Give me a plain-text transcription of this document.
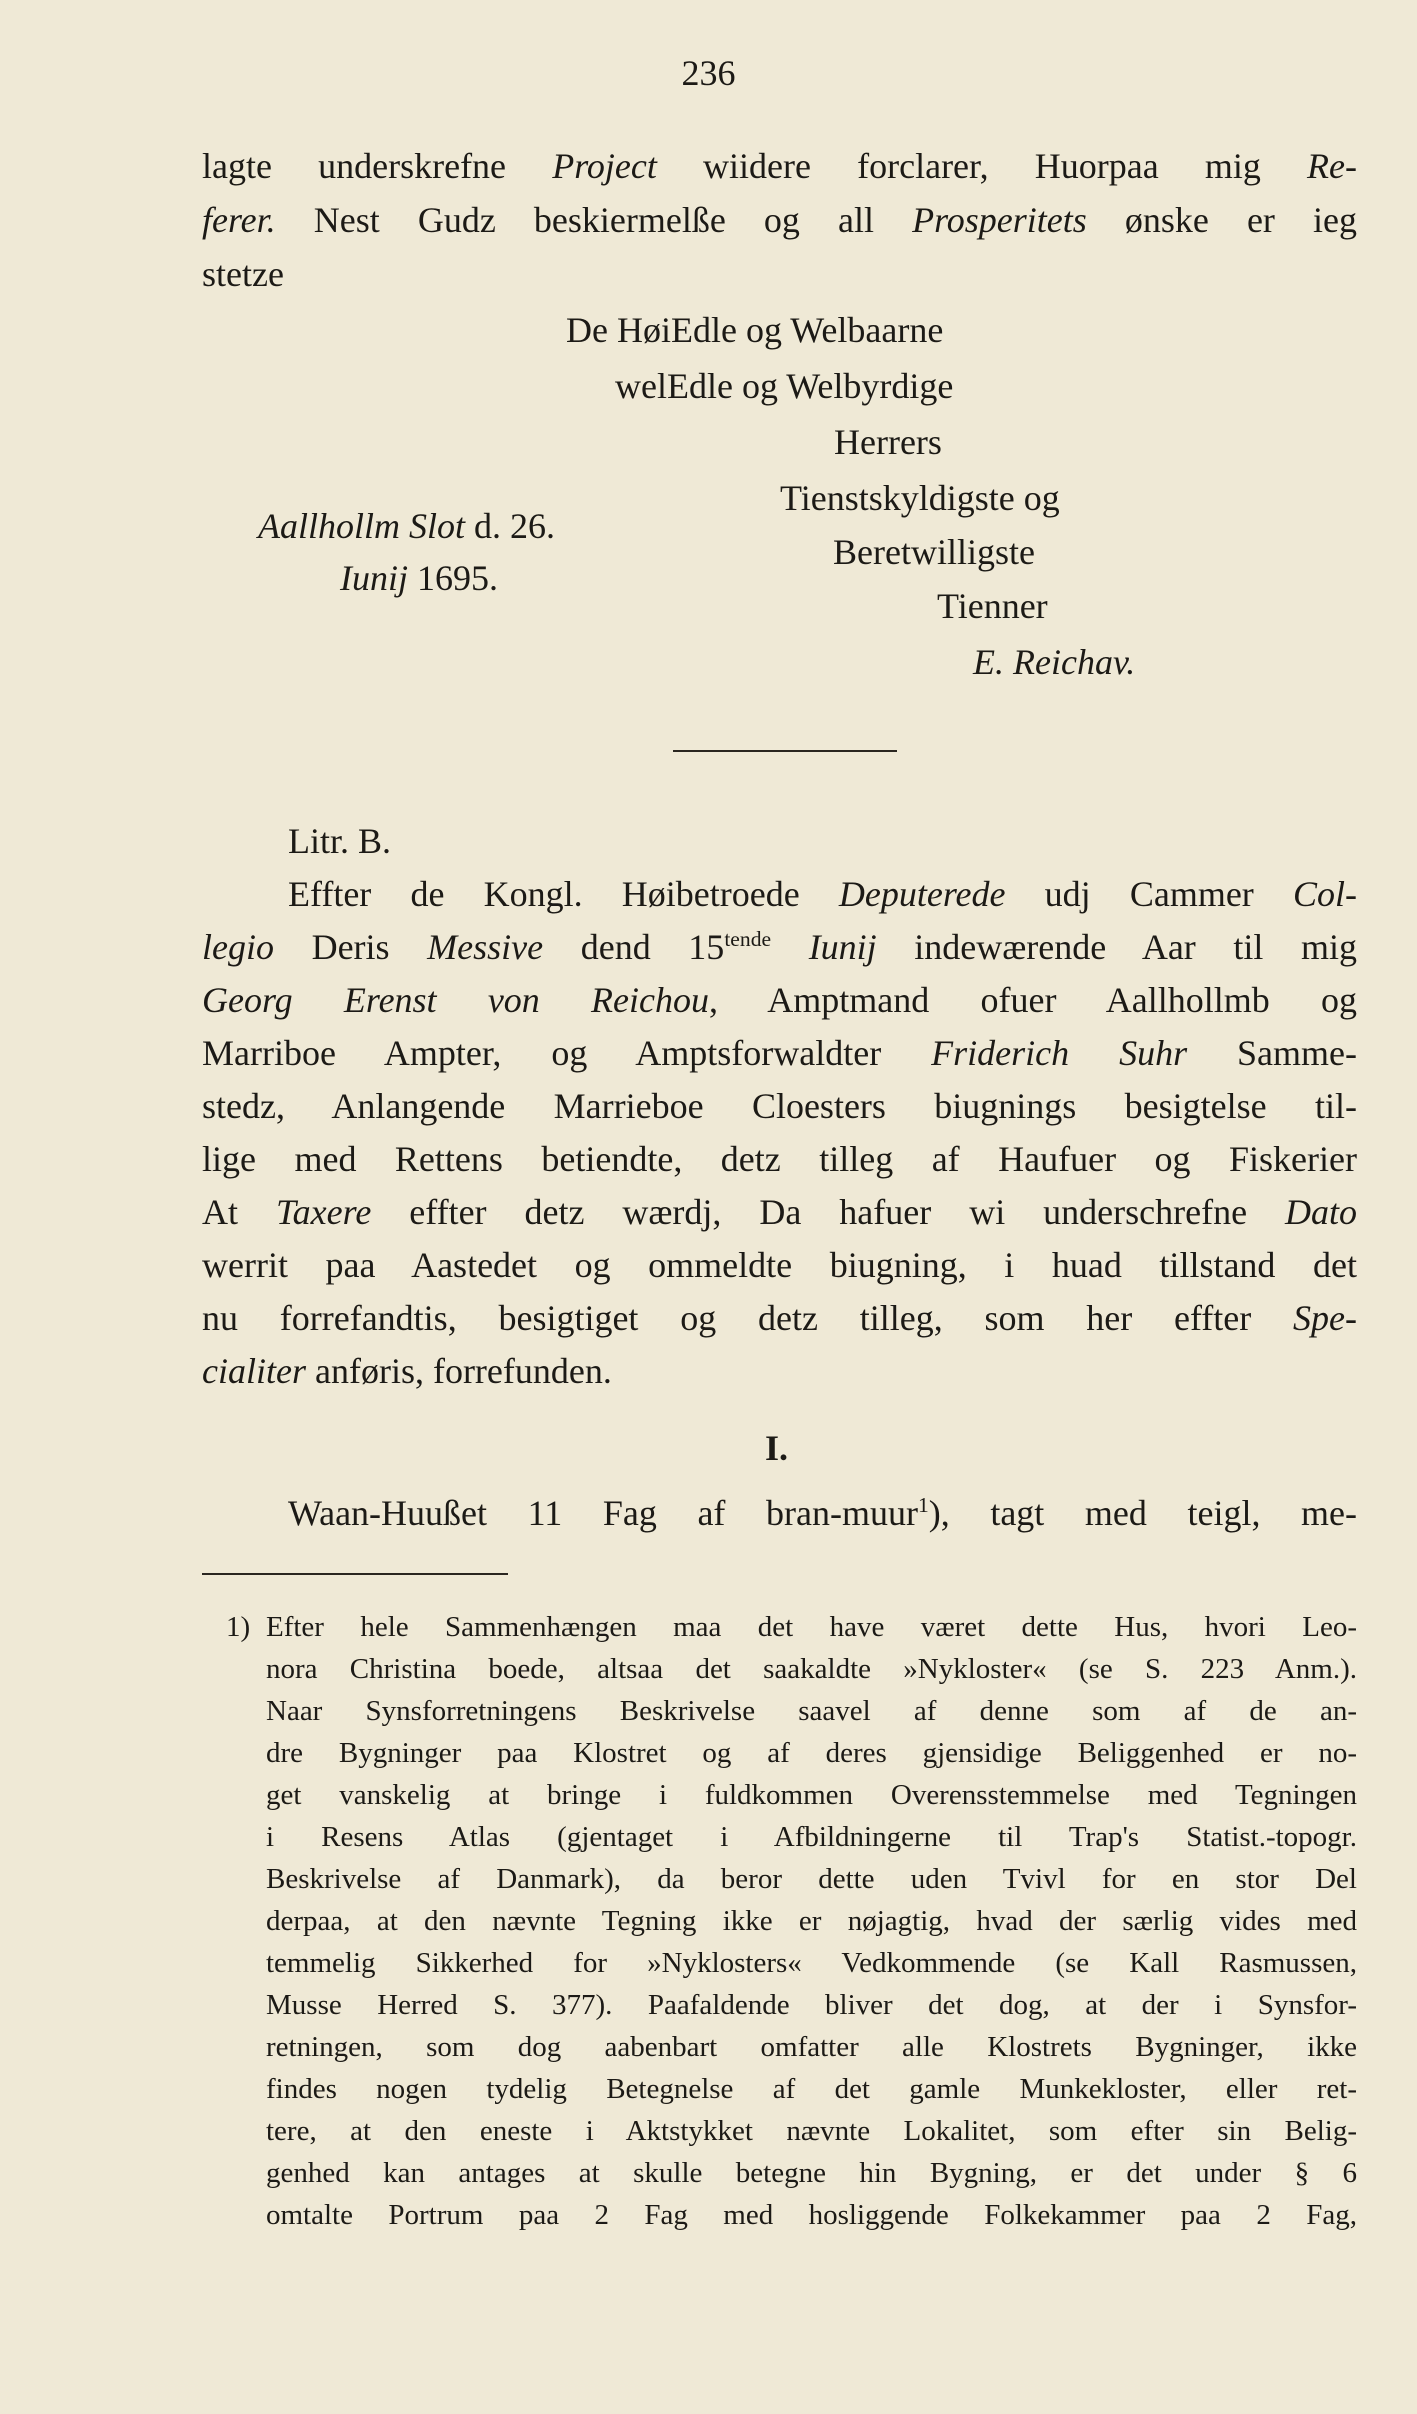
236
lagte underskrefne Project wiidere forclarer, Huorpaa mig Re-
ferer. Nest Gudz beskiermelße og all Prosperitets ønske er ieg
stetze
De HøiEdle og Welbaarne
welEdle og Welbyrdige
Herrers
Tienstskyldigste og
Beretwilligste
Tienner
E. Reichav.
Aallhollm Slot d. 26.
Iunij 1695.
Litr. B.
Effter de Kongl. Høibetroede Deputerede udj Cammer Col-
legio Deris Messive dend $15^{tende}$ Iunij indewærende Aar til mig
Georg Erenst von Reichou, Amptmand ofuer Aallhollmb og
Marriboe Ampter, og Amptsforwaldter Friderich Suhr Samme-
stedz, Anlangende Marrieboe Cloesters biugnings besigtelse til-
lige med Rettens betiendte, detz tilleg af Haufuer og Fiskerier
At Taxere effter detz wærdj, Da hafuer wi underschrefne Dato
werrit paa Aastedet og ommeldte biugning, i huad tillstand det
nu forrefandtis, besigtiget og detz tilleg, som her effter Spe-
cialiter anføris, forrefunden.
I.
Waan-Huußet 11 Fag af bran-muur$^1$), tagt med teigl, me-
1) Efter hele Sammenhængen maa det have været dette Hus, hvori Leo-
nora Christina boede, altsaa det saakaldte »Nykloster« (se S. 223 Anm.).
Naar Synsforretningens Beskrivelse saavel af denne som af de an-
dre Bygninger paa Klostret og af deres gjensidige Beliggenhed er no-
get vanskelig at bringe i fuldkommen Overensstemmelse med Tegningen
i Resens Atlas (gjentaget i Afbildningerne til Trap's Statist.-topogr.
Beskrivelse af Danmark), da beror dette uden Tvivl for en stor Del
derpaa, at den nævnte Tegning ikke er nøjagtig, hvad der særlig vides med
temmelig Sikkerhed for »Nyklosters« Vedkommende (se Kall Rasmussen,
Musse Herred S. 377). Paafaldende bliver det dog, at der i Synsfor-
retningen, som dog aabenbart omfatter alle Klostrets Bygninger, ikke
findes nogen tydelig Betegnelse af det gamle Munkekloster, eller ret-
tere, at den eneste i Aktstykket nævnte Lokalitet, som efter sin Belig-
genhed kan antages at skulle betegne hin Bygning, er det under § 6
omtalte Portrum paa 2 Fag med hosliggende Folkekammer paa 2 Fag,
